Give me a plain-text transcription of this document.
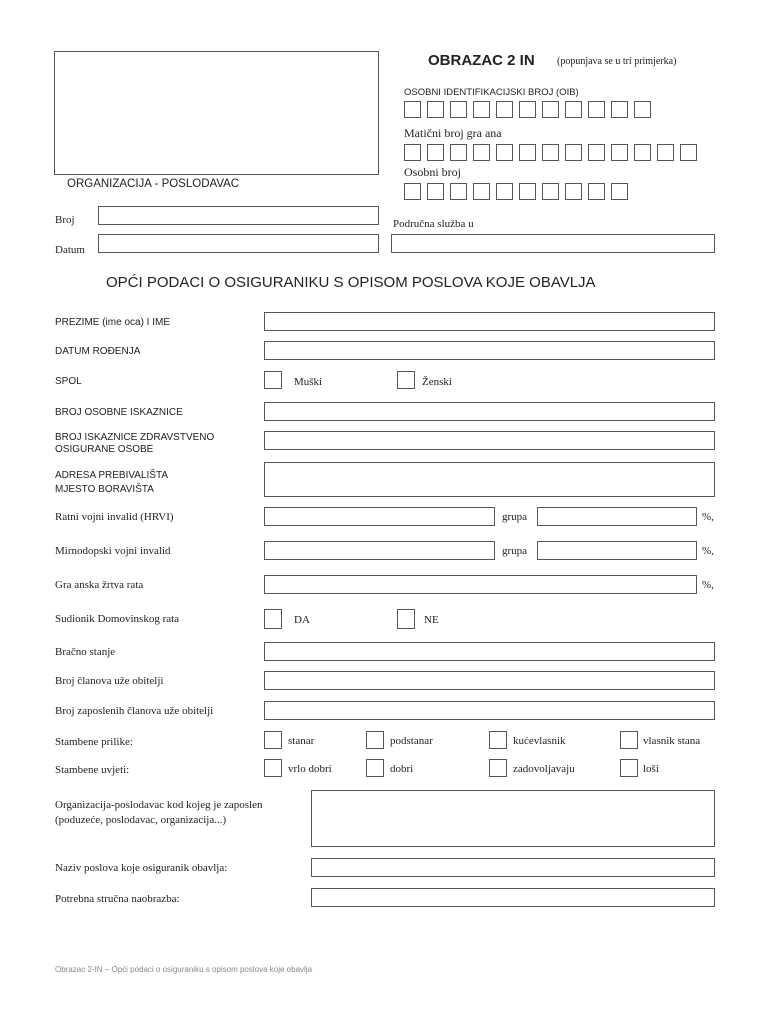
ORGANIZACIJA - POSLODAVAC
OBRAZAC 2 IN (popunjava se u tri primjerka)
OSOBNI IDENTIFIKACIJSKI BROJ (OIB)
Matični broj gra ana
Osobni broj
Broj
Datum
Područna služba u
OPĆI PODACI O OSIGURANIKU S OPISOM POSLOVA KOJE OBAVLJA
PREZIME (ime oca) I IME
DATUM ROĐENJA
SPOL	Muški	Ženski
BROJ OSOBNE ISKAZNICE
BROJ ISKAZNICE ZDRAVSTVENO
OSIGURANE OSOBE
ADRESA PREBIVALIŠTA
MJESTO BORAVIŠTA
Ratni vojni invalid (HRVI)	grupa	%,
Mirnodopski vojni invalid	grupa	%,
Gra anska žrtva rata	%,
Sudionik Domovinskog rata	DA	NE
Bračno stanje
Broj članova uže obitelji
Broj zaposlenih članova uže obitelji
Stambene prilike:	stanar	podstanar	kućevlasnik	vlasnik stana
Stambene uvjeti:	vrlo dobri	dobri	zadovoljavaju	loši
Organizacija-poslodavac kod kojeg je zaposlen
(poduzeće, poslodavac, organizacija...)
Naziv poslova koje osiguranik obavlja:
Potrebna stručna naobrazba:
Obrazac 2-IN – Opći podaci o osiguraniku s opisom poslova koje obavlja
